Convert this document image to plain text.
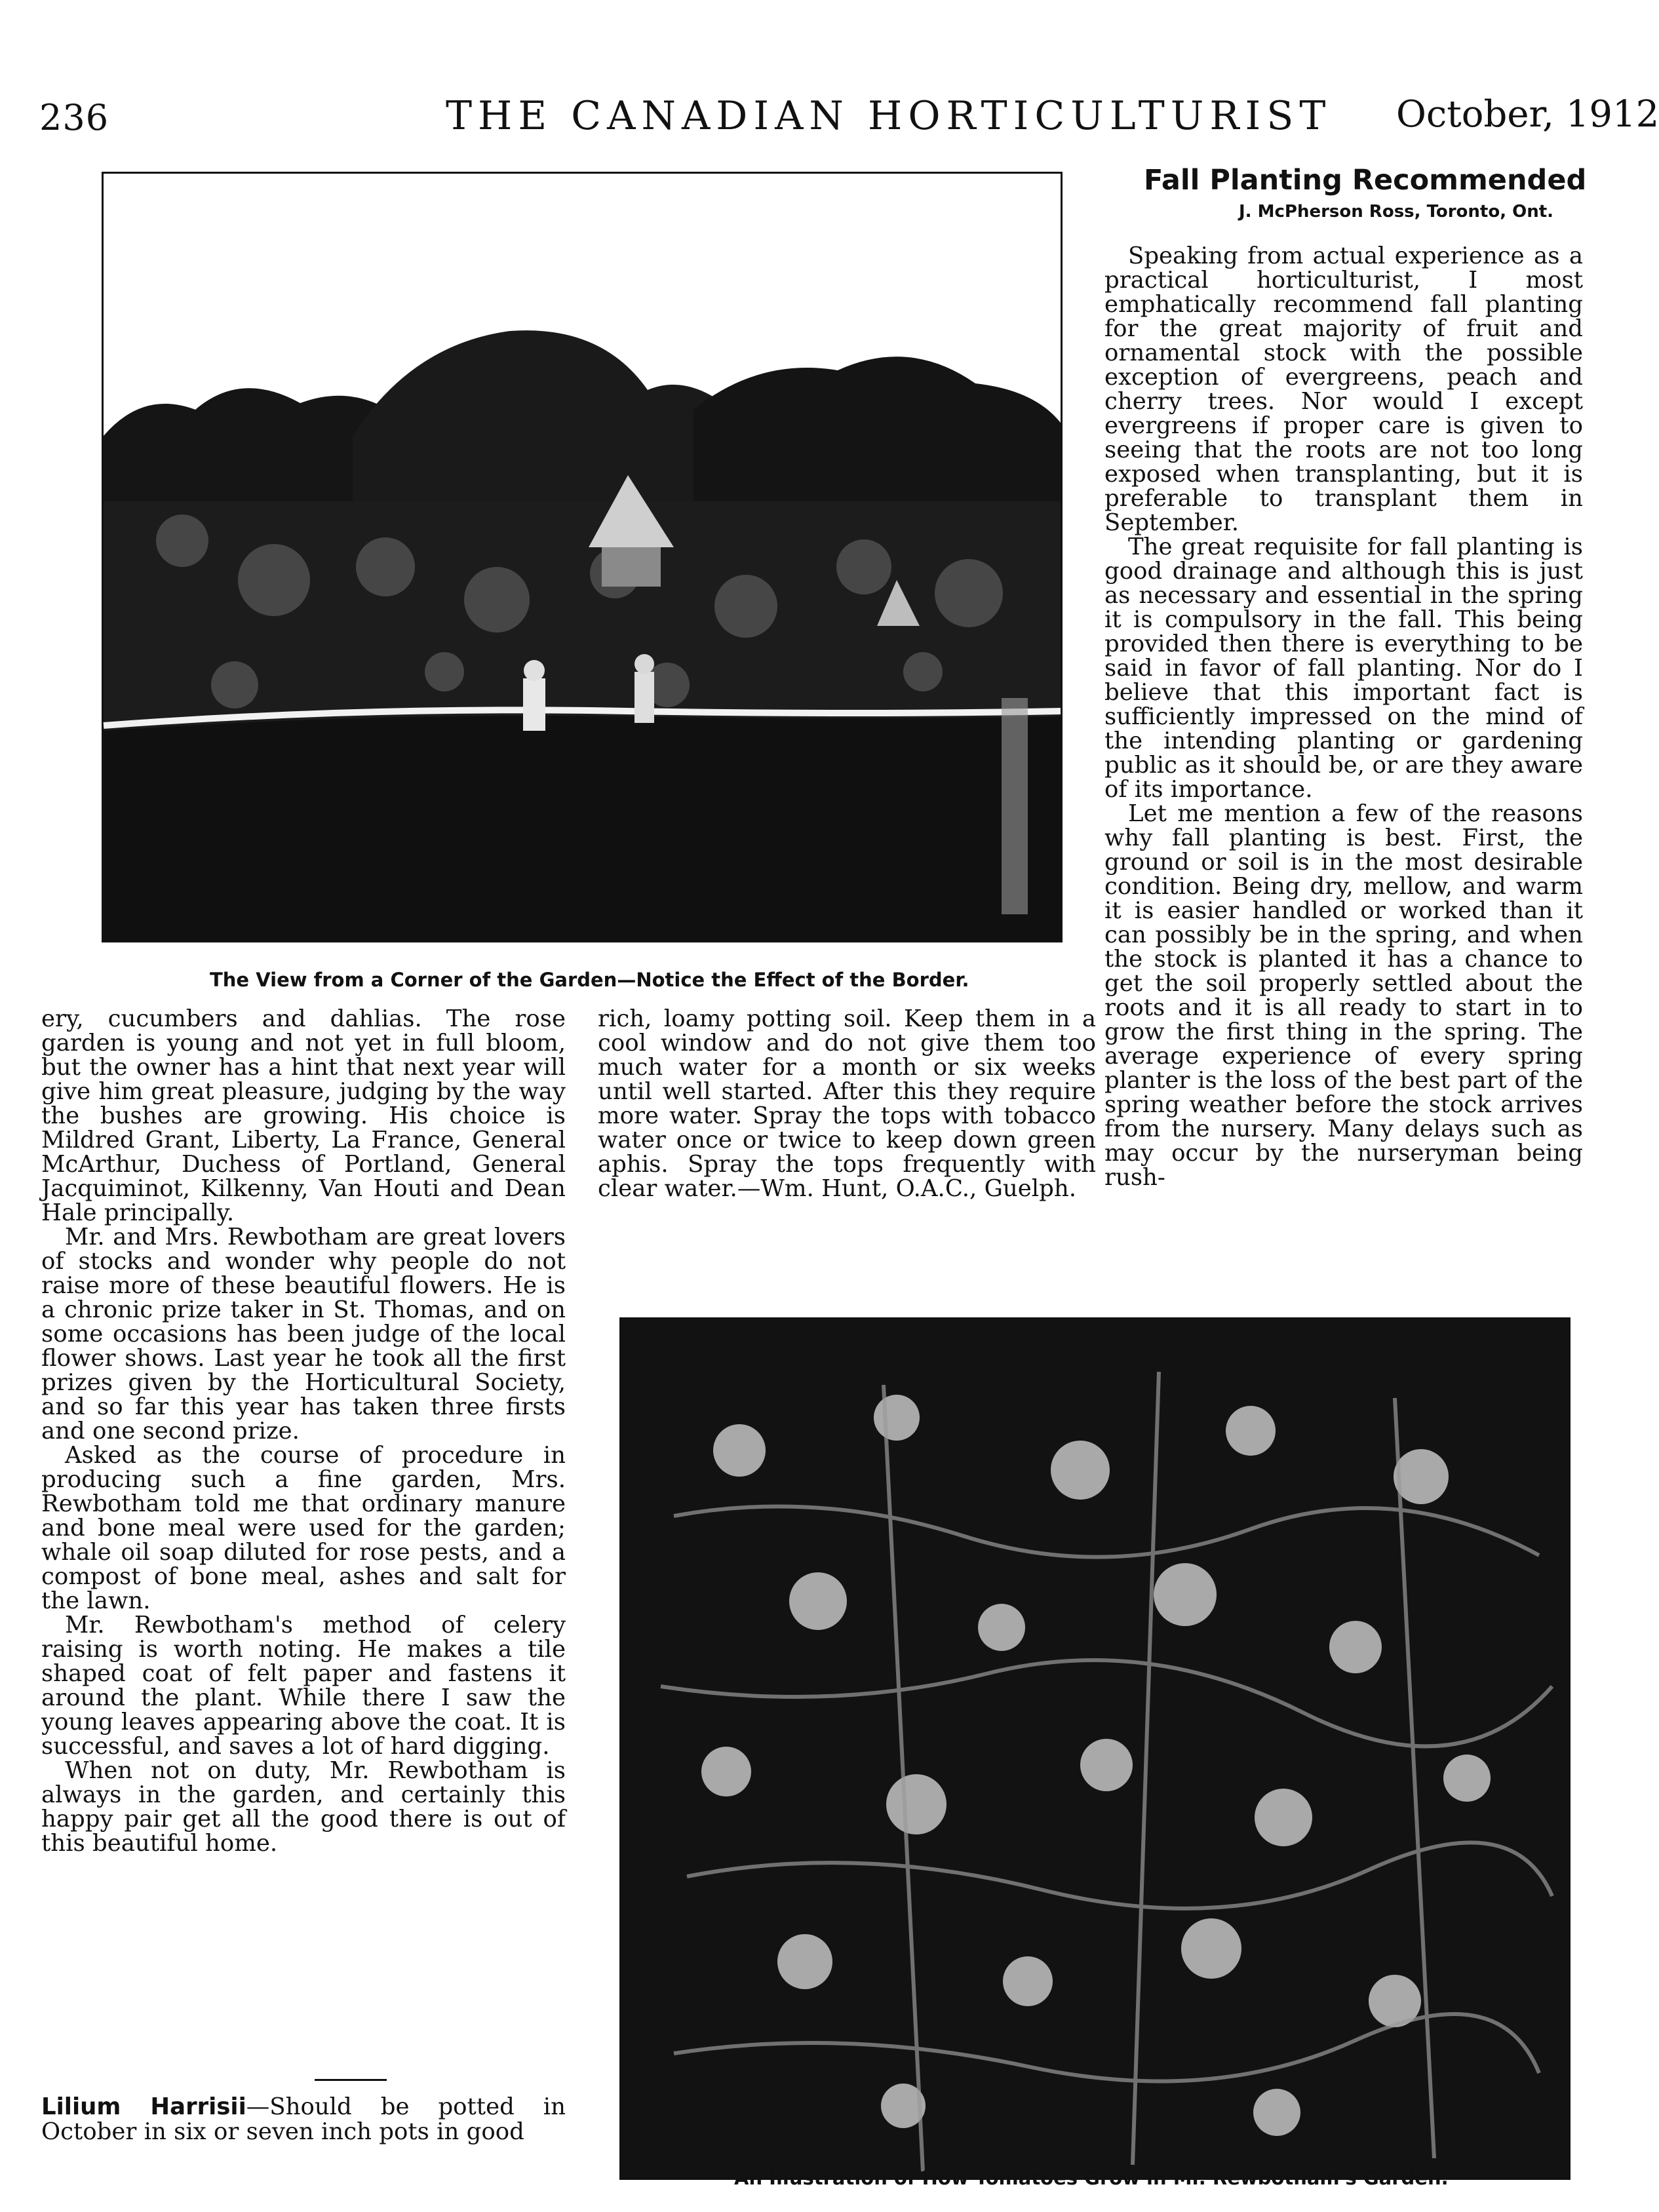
236	THE CANADIAN HORTICULTURIST October, 1912
The View from a Corner of the Garden—Notice the Effect of the Border.

ery, cucumbers and dahlias. The rose garden is young and not yet in full bloom, but the owner has a hint that next year will give him great pleasure, judging by the way the bushes are growing. His choice is Mildred Grant, Liberty, La France, General McArthur, Duchess of Portland, General Jacquiminot, Kilkenny, Van Houti and Dean Hale principally.

Mr. and Mrs. Rewbotham are great lovers of stocks and wonder why people do not raise more of these beautiful flowers. He is a chronic prize taker in St. Thomas, and on some occasions has been judge of the local flower shows. Last year he took all the first prizes given by the Horticultural Society, and so far this year has taken three firsts and one second prize.

Asked as the course of procedure in producing such a fine garden, Mrs. Rewbotham told me that ordinary manure and bone meal were used for the garden; whale oil soap diluted for rose pests, and a compost of bone meal, ashes and salt for the lawn.

Mr. Rewbotham's method of celery raising is worth noting. He makes a tile shaped coat of felt paper and fastens it around the plant. While there I saw the young leaves appearing above the coat. It is successful, and saves a lot of hard digging.

When not on duty, Mr. Rewbotham is always in the garden, and certainly this happy pair get all the good there is out of this beautiful home.

Lilium Harrisii—Should be potted in October in six or seven inch pots in good

rich, loamy potting soil. Keep them in a cool window and do not give them too much water for a month or six weeks until well started. After this they require more water. Spray the tops with tobacco water once or twice to keep down green aphis. Spray the tops frequently with clear water.—Wm. Hunt, O.A.C., Guelph.

Fall Planting Recommended
J. McPherson Ross, Toronto, Ont.

Speaking from actual experience as a practical horticulturist, I most emphatically recommend fall planting for the great majority of fruit and ornamental stock with the possible exception of evergreens, peach and cherry trees. Nor would I except evergreens if proper care is given to seeing that the roots are not too long exposed when transplanting, but it is preferable to transplant them in September.

The great requisite for fall planting is good drainage and although this is just as necessary and essential in the spring it is compulsory in the fall. This being provided then there is everything to be said in favor of fall planting. Nor do I believe that this important fact is sufficiently impressed on the mind of the intending planting or gardening public as it should be, or are they aware of its importance.

Let me mention a few of the reasons why fall planting is best. First, the ground or soil is in the most desirable condition. Being dry, mellow, and warm it is easier handled or worked than it can possibly be in the spring, and when the stock is planted it has a chance to get the soil properly settled about the roots and it is all ready to start in to grow the first thing in the spring. The average experience of every spring planter is the loss of the best part of the spring weather before the stock arrives from the nursery. Many delays such as may occur by the nurseryman being rush-

An Illustration of How Tomatoes Grow in Mr. Rewbotham's Garden.
